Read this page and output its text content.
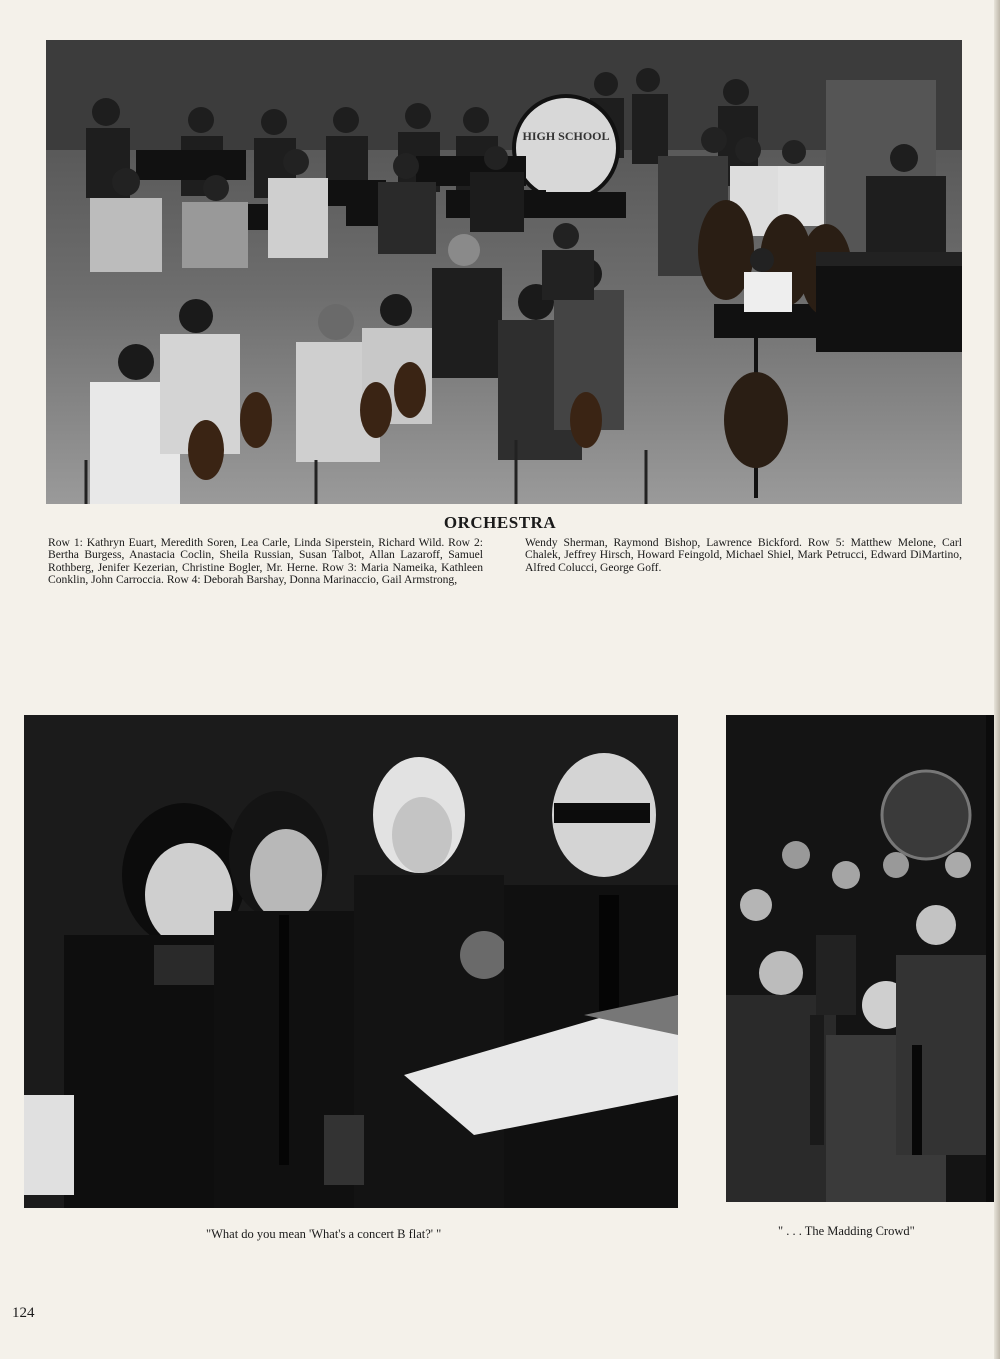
HIGH SCHOOL
ORCHESTRA
Row 1: Kathryn Euart, Meredith Soren, Lea Carle, Linda Siperstein, Richard Wild. Row 2: Bertha Burgess, Anastacia Coclin, Sheila Russian, Susan Talbot, Allan Lazaroff, Samuel Rothberg, Jenifer Kezerian, Christine Bogler, Mr. Herne. Row 3: Maria Nameika, Kathleen Conklin, John Carroccia. Row 4: Deborah Barshay, Donna Marinaccio, Gail Armstrong,
Wendy Sherman, Raymond Bishop, Lawrence Bickford. Row 5: Matthew Melone, Carl Chalek, Jeffrey Hirsch, Howard Feingold, Michael Shiel, Mark Petrucci, Edward DiMartino, Alfred Colucci, George Goff.
"What do you mean 'What's a concert B flat?' "	" . . . The Madding Crowd"
124
